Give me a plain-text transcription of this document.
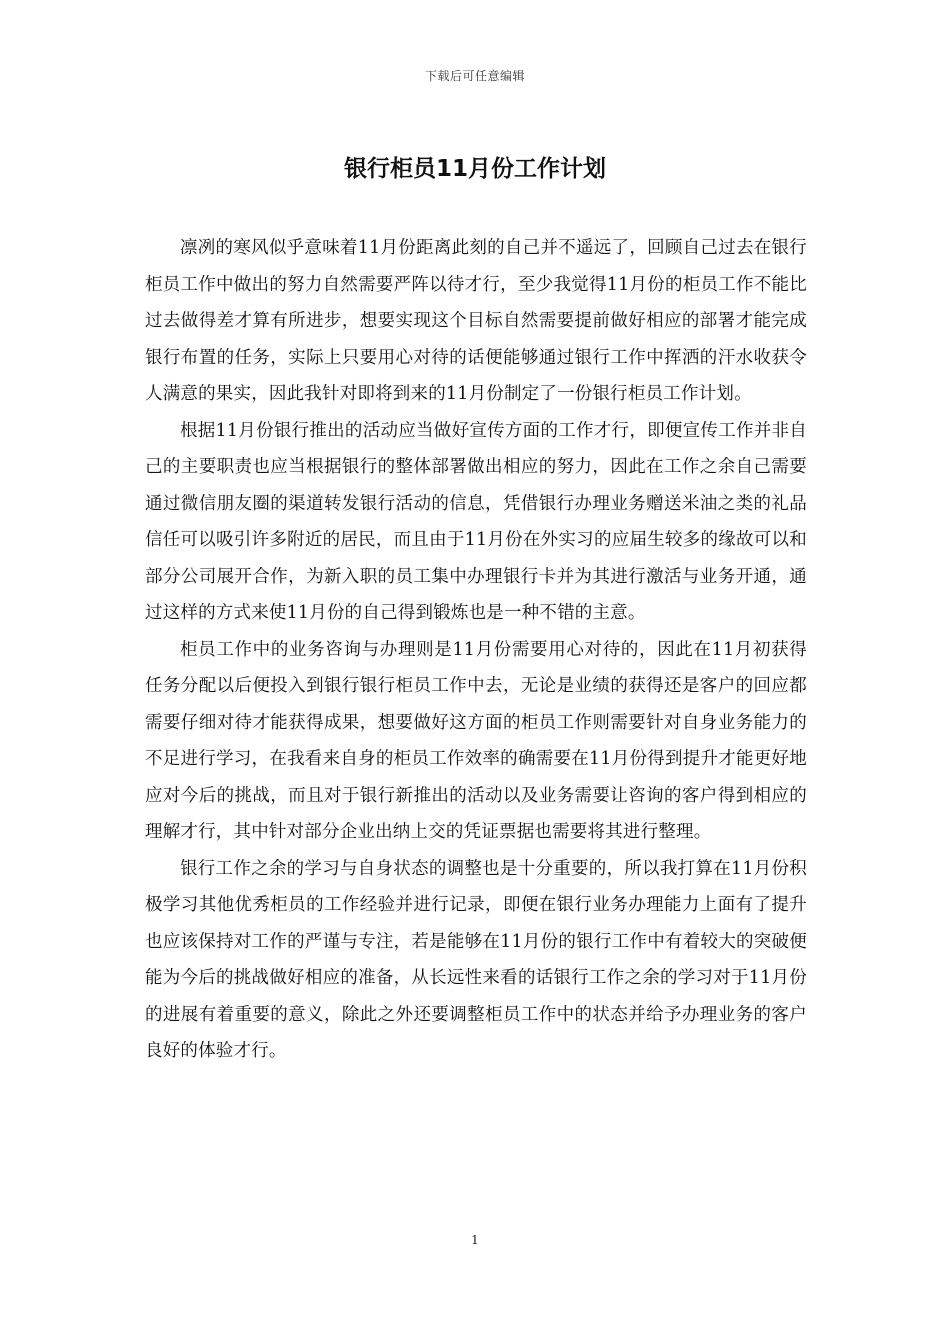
下载后可任意编辑
银行柜员11月份工作计划

凛冽的寒风似乎意味着11月份距离此刻的自己并不遥远了，回顾自己过去在银行柜员工作中做出的努力自然需要严阵以待才行，至少我觉得11月份的柜员工作不能比过去做得差才算有所进步，想要实现这个目标自然需要提前做好相应的部署才能完成银行布置的任务，实际上只要用心对待的话便能够通过银行工作中挥洒的汗水收获令人满意的果实，因此我针对即将到来的11月份制定了一份银行柜员工作计划。

根据11月份银行推出的活动应当做好宣传方面的工作才行，即便宣传工作并非自己的主要职责也应当根据银行的整体部署做出相应的努力，因此在工作之余自己需要通过微信朋友圈的渠道转发银行活动的信息，凭借银行办理业务赠送米油之类的礼品信任可以吸引许多附近的居民，而且由于11月份在外实习的应届生较多的缘故可以和部分公司展开合作，为新入职的员工集中办理银行卡并为其进行激活与业务开通，通过这样的方式来使11月份的自己得到锻炼也是一种不错的主意。

柜员工作中的业务咨询与办理则是11月份需要用心对待的，因此在11月初获得任务分配以后便投入到银行银行柜员工作中去，无论是业绩的获得还是客户的回应都需要仔细对待才能获得成果，想要做好这方面的柜员工作则需要针对自身业务能力的不足进行学习，在我看来自身的柜员工作效率的确需要在11月份得到提升才能更好地应对今后的挑战，而且对于银行新推出的活动以及业务需要让咨询的客户得到相应的理解才行，其中针对部分企业出纳上交的凭证票据也需要将其进行整理。

银行工作之余的学习与自身状态的调整也是十分重要的，所以我打算在11月份积极学习其他优秀柜员的工作经验并进行记录，即便在银行业务办理能力上面有了提升也应该保持对工作的严谨与专注，若是能够在11月份的银行工作中有着较大的突破便能为今后的挑战做好相应的准备，从长远性来看的话银行工作之余的学习对于11月份的进展有着重要的意义，除此之外还要调整柜员工作中的状态并给予办理业务的客户良好的体验才行。

1
